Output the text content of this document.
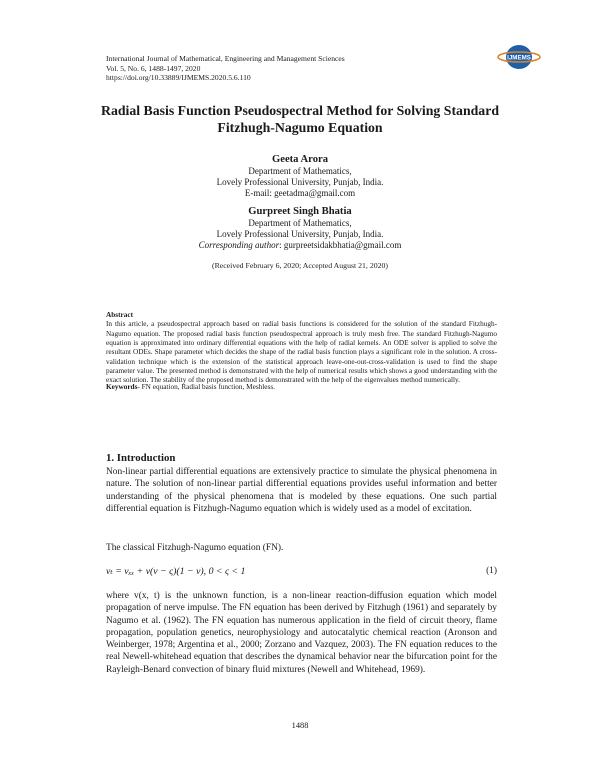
International Journal of Mathematical, Engineering and Management Sciences
Vol. 5, No. 6, 1488-1497, 2020
https://doi.org/10.33889/IJMEMS.2020.5.6.110
IJMEMS
Radial Basis Function Pseudospectral Method for Solving Standard
Fitzhugh-Nagumo Equation
Geeta Arora
Department of Mathematics,
Lovely Professional University, Punjab, India.
E-mail: geetadma@gmail.com
Gurpreet Singh Bhatia
Department of Mathematics,
Lovely Professional University, Punjab, India.
Corresponding author: gurpreetsidakbhatia@gmail.com
(Received February 6, 2020; Accepted August 21, 2020)
Abstract

In this article, a pseudospectral approach based on radial basis functions is considered for the solution of the standard Fitzhugh-Nagumo equation. The proposed radial basis function pseudospectral approach is truly mesh free. The standard Fitzhugh-Nagumo equation is approximated into ordinary differential equations with the help of radial kernels. An ODE solver is applied to solve the resultant ODEs. Shape parameter which decides the shape of the radial basis function plays a significant role in the solution. A cross-validation technique which is the extension of the statistical approach leave-one-out-cross-validation is used to find the shape parameter value. The presented method is demonstrated with the help of numerical results which shows a good understanding with the exact solution. The stability of the proposed method is demonstrated with the help of the eigenvalues method numerically.

Keywords- FN equation, Radial basis function, Meshless.
1. Introduction

Non-linear partial differential equations are extensively practice to simulate the physical phenomena in nature. The solution of non-linear partial differential equations provides useful information and better understanding of the physical phenomena that is modeled by these equations. One such partial differential equation is Fitzhugh-Nagumo equation which is widely used as a model of excitation.

The classical Fitzhugh-Nagumo equation (FN).

vₜ = vₓₓ + v(v − ς)(1 − v), 0 < ς < 1	(1)

where v(x, t) is the unknown function, is a non-linear reaction-diffusion equation which model propagation of nerve impulse. The FN equation has been derived by Fitzhugh (1961) and separately by Nagumo et al. (1962). The FN equation has numerous application in the field of circuit theory, flame propagation, population genetics, neurophysiology and autocatalytic chemical reaction (Aronson and Weinberger, 1978; Argentina et al., 2000; Zorzano and Vazquez, 2003). The FN equation reduces to the real Newell-whitehead equation that describes the dynamical behavior near the bifurcation point for the Rayleigh-Benard convection of binary fluid mixtures (Newell and Whitehead, 1969).

1488
